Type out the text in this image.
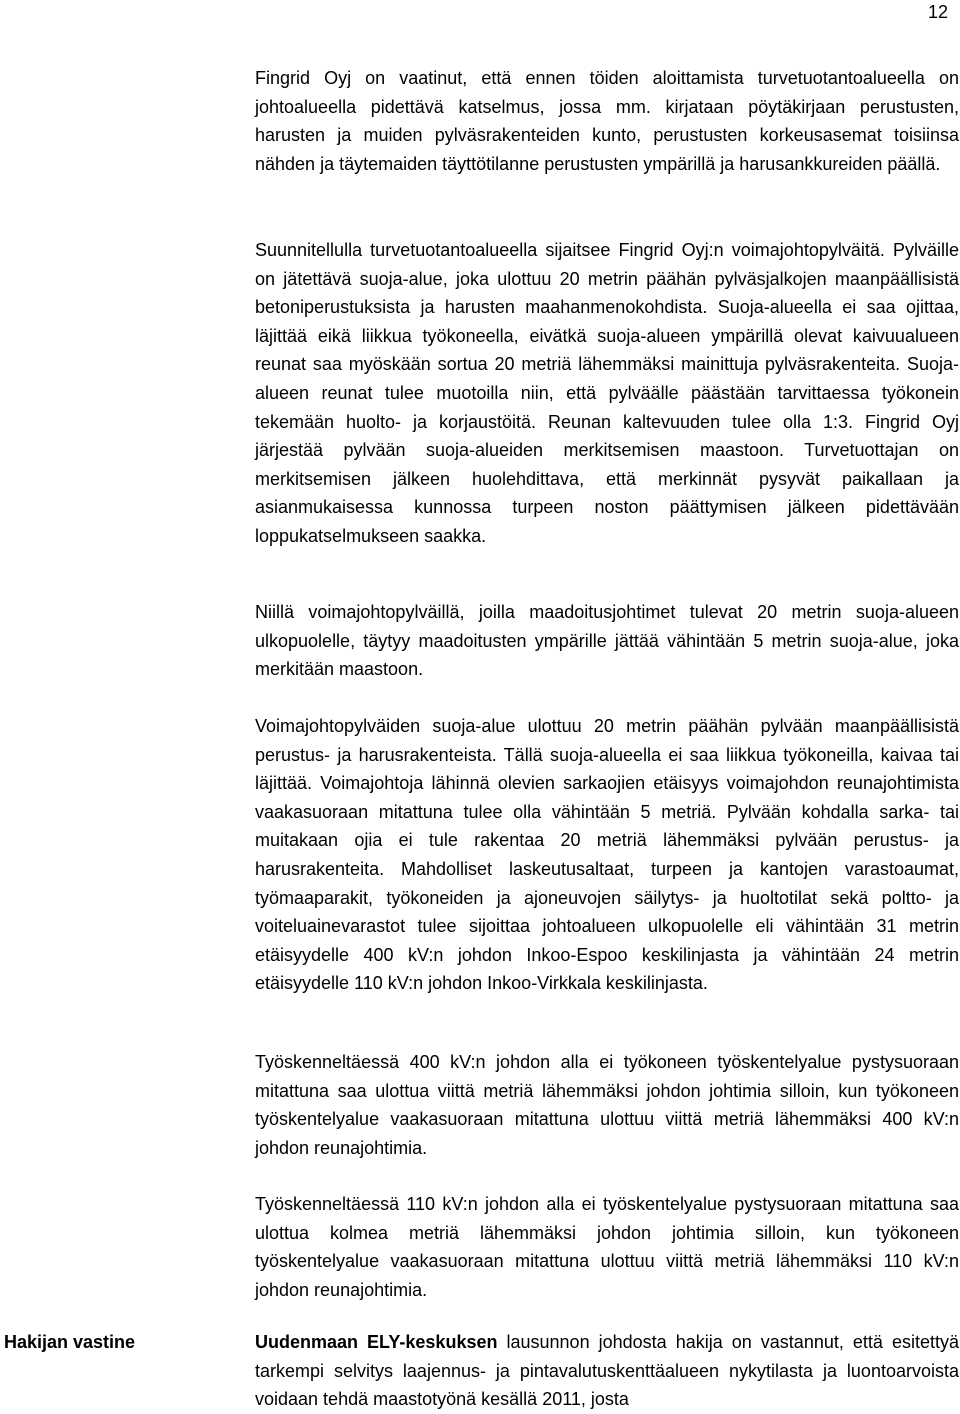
12

Fingrid Oyj on vaatinut, että ennen töiden aloittamista turvetuotantoalueella on johtoalueella pidettävä katselmus, jossa mm. kirjataan pöytäkirjaan perustusten, harusten ja muiden pylväsrakenteiden kunto, perustusten korkeusasemat toisiinsa nähden ja täytemaiden täyttötilanne perustusten ympärillä ja harusankkureiden päällä.

Suunnitellulla turvetuotantoalueella sijaitsee Fingrid Oyj:n voimajohtopylväitä. Pylväille on jätettävä suoja-alue, joka ulottuu 20 metrin päähän pylväsjalkojen maanpäällisistä betoniperustuksista ja harusten maahanmenokohdista. Suoja-alueella ei saa ojittaa, läjittää eikä liikkua työkoneella, eivätkä suoja-alueen ympärillä olevat kaivuualueen reunat saa myöskään sortua 20 metriä lähemmäksi mainittuja pylväsrakenteita. Suoja-alueen reunat tulee muotoilla niin, että pylväälle päästään tarvittaessa työkonein tekemään huolto- ja korjaustöitä. Reunan kaltevuuden tulee olla 1:3. Fingrid Oyj järjestää pylvään suoja-alueiden merkitsemisen maastoon. Turvetuottajan on merkitsemisen jälkeen huolehdittava, että merkinnät pysyvät paikallaan ja asianmukaisessa kunnossa turpeen noston päättymisen jälkeen pidettävään loppukatselmukseen saakka.

Niillä voimajohtopylväillä, joilla maadoitusjohtimet tulevat 20 metrin suoja-alueen ulkopuolelle, täytyy maadoitusten ympärille jättää vähintään 5 metrin suoja-alue, joka merkitään maastoon.

Voimajohtopylväiden suoja-alue ulottuu 20 metrin päähän pylvään maanpäällisistä perustus- ja harusrakenteista. Tällä suoja-alueella ei saa liikkua työkoneilla, kaivaa tai läjittää. Voimajohtoja lähinnä olevien sarkaojien etäisyys voimajohdon reunajohtimista vaakasuoraan mitattuna tulee olla vähintään 5 metriä. Pylvään kohdalla sarka- tai muitakaan ojia ei tule rakentaa 20 metriä lähemmäksi pylvään perustus- ja harusrakenteita. Mahdolliset laskeutusaltaat, turpeen ja kantojen varastoaumat, työmaaparakit, työkoneiden ja ajoneuvojen säilytys- ja huoltotilat sekä poltto- ja voiteluainevarastot tulee sijoittaa johtoalueen ulkopuolelle eli vähintään 31 metrin etäisyydelle 400 kV:n johdon Inkoo-Espoo keskilinjasta ja vähintään 24 metrin etäisyydelle 110 kV:n johdon Inkoo-Virkkala keskilinjasta.

Työskenneltäessä 400 kV:n johdon alla ei työkoneen työskentelyalue pystysuoraan mitattuna saa ulottua viittä metriä lähemmäksi johdon johtimia silloin, kun työkoneen työskentelyalue vaakasuoraan mitattuna ulottuu viittä metriä lähemmäksi 400 kV:n johdon reunajohtimia.

Työskenneltäessä 110 kV:n johdon alla ei työskentelyalue pystysuoraan mitattuna saa ulottua kolmea metriä lähemmäksi johdon johtimia silloin, kun työkoneen työskentelyalue vaakasuoraan mitattuna ulottuu viittä metriä lähemmäksi 110 kV:n johdon reunajohtimia.

Hakijan vastine	Uudenmaan ELY-keskuksen lausunnon johdosta hakija on vastannut, että esitettyä tarkempi selvitys laajennus- ja pintavalutuskenttäalueen nykytilasta ja luontoarvoista voidaan tehdä maastotyönä kesällä 2011, josta
